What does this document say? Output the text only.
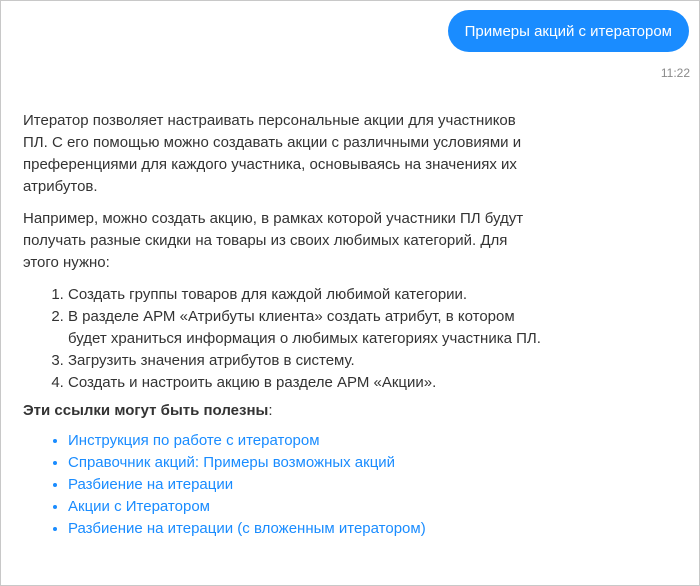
Примеры акций с итератором
11:22

Итератор позволяет настраивать персональные акции для участников ПЛ. С его помощью можно создавать акции с различными условиями и преференциями для каждого участника, основываясь на значениях их атрибутов.

Например, можно создать акцию, в рамках которой участники ПЛ будут получать разные скидки на товары из своих любимых категорий. Для этого нужно:

1. Создать группы товаров для каждой любимой категории.
2. В разделе АРМ «Атрибуты клиента» создать атрибут, в котором будет храниться информация о любимых категориях участника ПЛ.
3. Загрузить значения атрибутов в систему.
4. Создать и настроить акцию в разделе АРМ «Акции».
Эти ссылки могут быть полезны:
• Инструкция по работе с итератором
• Справочник акций: Примеры возможных акций
• Разбиение на итерации
• Акции с Итератором
• Разбиение на итерации (с вложенным итератором)
